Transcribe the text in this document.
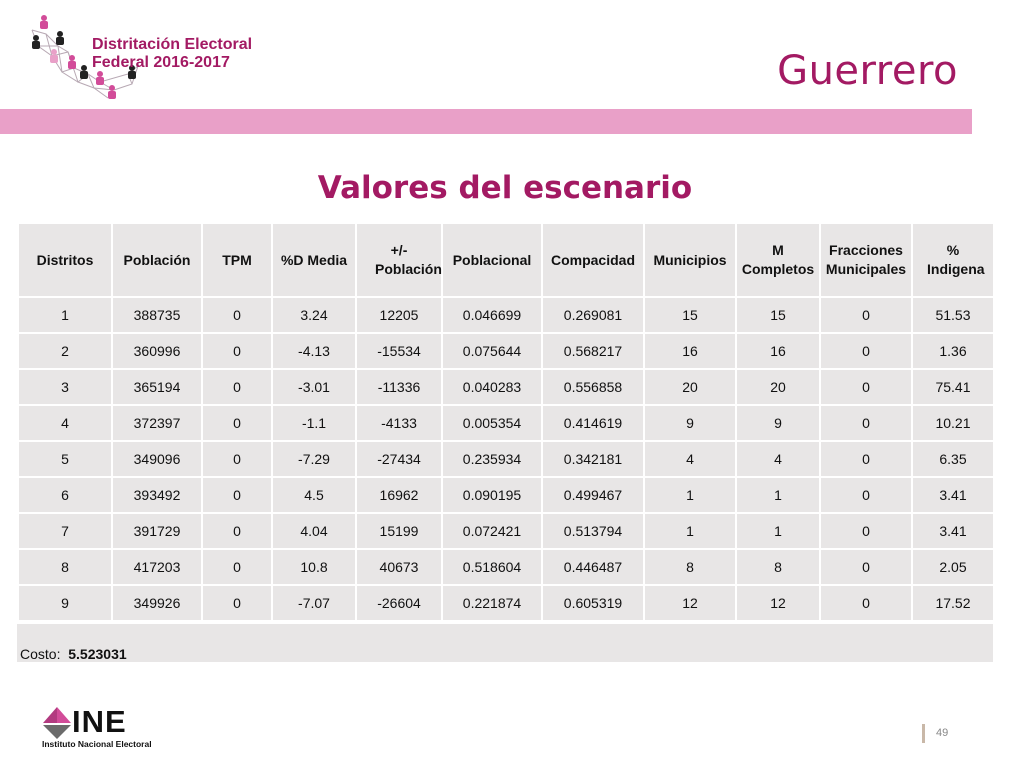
Distritación Electoral
Federal 2016-2017	Guerrero
Valores del escenario
Distritos	Población	TPM	%D Media	+/- Población	Poblacional	Compacidad	Municipios	M Completos	Fracciones Municipales	% Indigena
1	388735	0	3.24	12205	0.046699	0.269081	15	15	0	51.53
2	360996	0	-4.13	-15534	0.075644	0.568217	16	16	0	1.36
3	365194	0	-3.01	-11336	0.040283	0.556858	20	20	0	75.41
4	372397	0	-1.1	-4133	0.005354	0.414619	9	9	0	10.21
5	349096	0	-7.29	-27434	0.235934	0.342181	4	4	0	6.35
6	393492	0	4.5	16962	0.090195	0.499467	1	1	0	3.41
7	391729	0	4.04	15199	0.072421	0.513794	1	1	0	3.41
8	417203	0	10.8	40673	0.518604	0.446487	8	8	0	2.05
9	349926	0	-7.07	-26604	0.221874	0.605319	12	12	0	17.52
Costo: 5.523031
INE
Instituto Nacional Electoral
49
